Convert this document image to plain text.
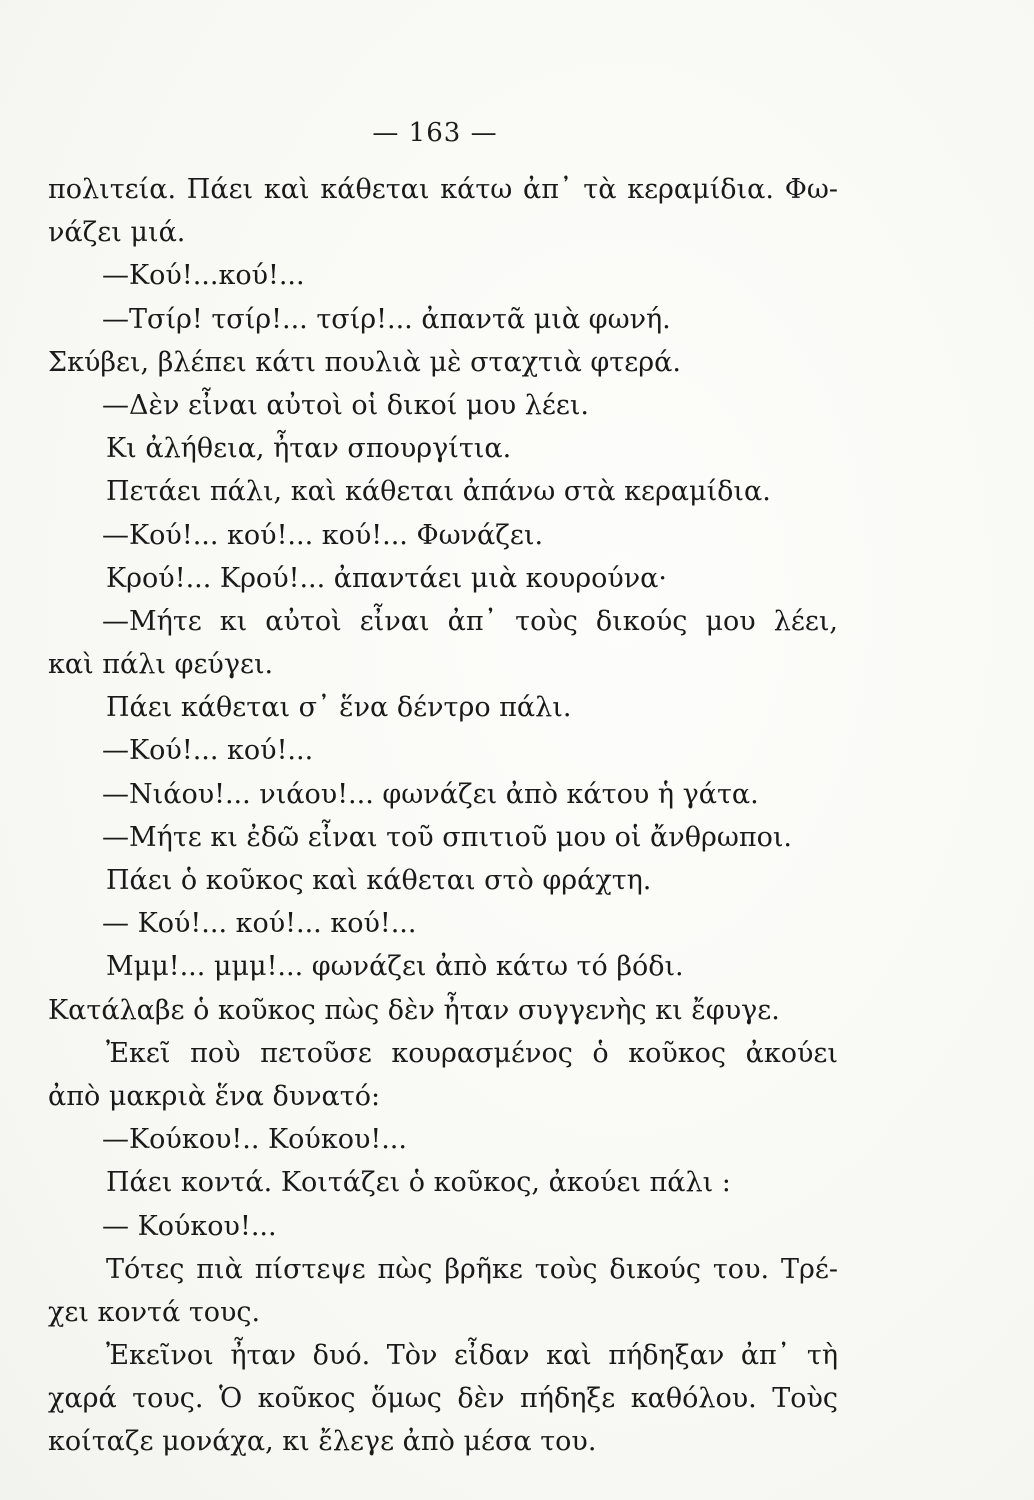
— 163 —
πολιτεία. Πάει καὶ κάθεται κάτω ἀπ᾿ τὰ κεραμίδια. Φω-
νάζει μιά.
—Κού!...κού!...
—Τσίρ! τσίρ!... τσίρ!... ἀπαντᾶ μιὰ φωνή.
Σκύβει, βλέπει κάτι πουλιὰ μὲ σταχτιὰ φτερά.
—Δὲν εἶναι αὐτοὶ οἱ δικοί μου λέει.
Κι ἀλήθεια, ἦταν σπουργίτια.
Πετάει πάλι, καὶ κάθεται ἀπάνω στὰ κεραμίδια.
—Κού!... κού!... κού!... Φωνάζει.
Κρού!... Κρού!... ἀπαντάει μιὰ κουρούνα·
—Μήτε κι αὐτοὶ εἶναι ἀπ᾿ τοὺς δικούς μου λέει,
καὶ πάλι φεύγει.
Πάει κάθεται σ᾿ ἕνα δέντρο πάλι.
—Κού!... κού!...
—Νιάου!... νιάου!... φωνάζει ἀπὸ κάτου ἡ γάτα.
—Μήτε κι ἐδῶ εἶναι τοῦ σπιτιοῦ μου οἱ ἄνθρωποι.
Πάει ὁ κοῦκος καὶ κάθεται στὸ φράχτη.
— Κού!... κού!... κού!...
Μμμ!... μμμ!... φωνάζει ἀπὸ κάτω τό βόδι.
Κατάλαβε ὁ κοῦκος πὼς δὲν ἦταν συγγενὴς κι ἔφυγε.
Ἐκεῖ ποὺ πετοῦσε κουρασμένος ὁ κοῦκος ἀκούει
ἀπὸ μακριὰ ἕνα δυνατό:
—Κούκου!.. Κούκου!...
Πάει κοντά. Κοιτάζει ὁ κοῦκος, ἀκούει πάλι :
— Κούκου!...
Τότες πιὰ πίστεψε πὼς βρῆκε τοὺς δικούς του. Τρέ-
χει κοντά τους.
Ἐκεῖνοι ἦταν δυό. Τὸν εἶδαν καὶ πήδηξαν ἀπ᾿ τὴ
χαρά τους. Ὁ κοῦκος ὅμως δὲν πήδηξε καθόλου. Τοὺς
κοίταζε μονάχα, κι ἔλεγε ἀπὸ μέσα του.
